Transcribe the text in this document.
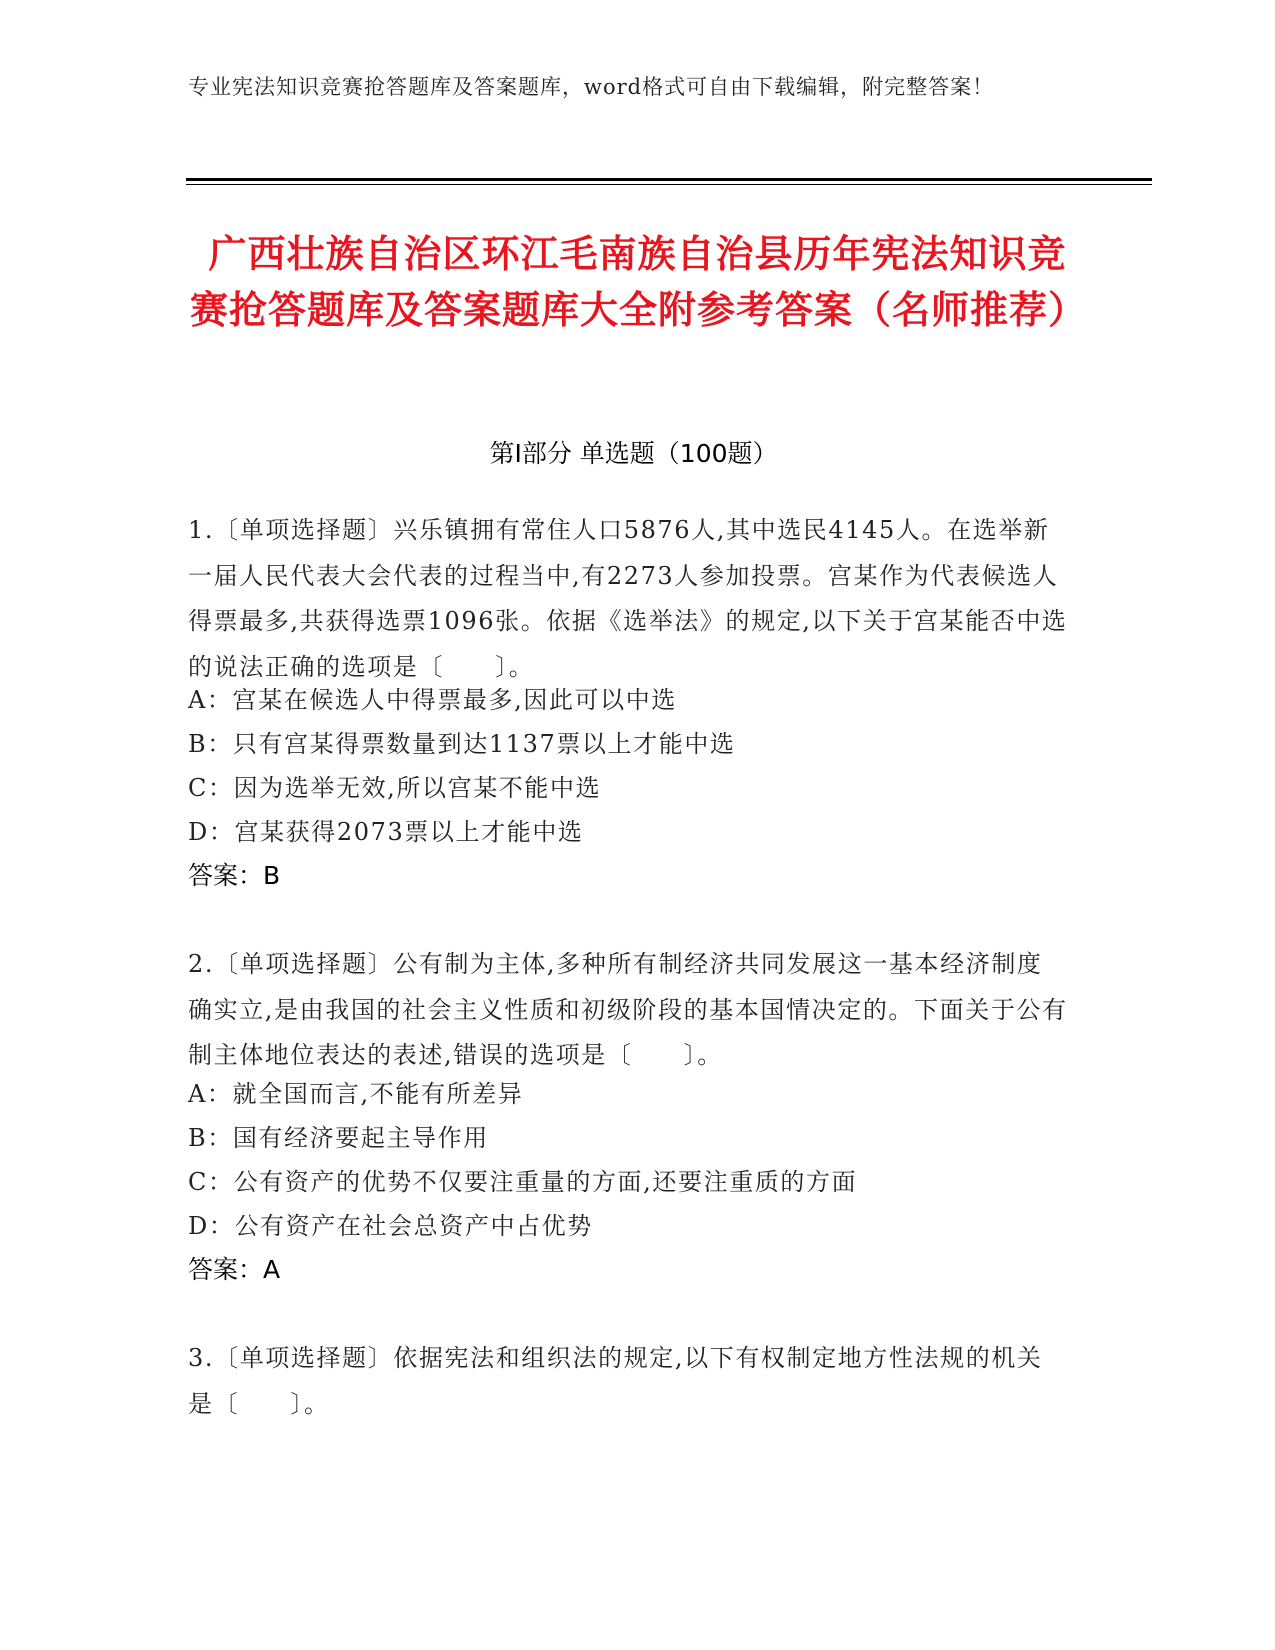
专业宪法知识竞赛抢答题库及答案题库，word格式可自由下载编辑，附完整答案！
广西壮族自治区环江毛南族自治县历年宪法知识竞赛抢答题库及答案题库大全附参考答案（名师推荐）
第Ⅰ部分 单选题（100题）
1.〔单项选择题〕兴乐镇拥有常住人口5876人,其中选民4145人。在选举新一届人民代表大会代表的过程当中,有2273人参加投票。宫某作为代表候选人得票最多,共获得选票1096张。依据《选举法》的规定,以下关于宫某能否中选的说法正确的选项是〔　　〕。
A：宫某在候选人中得票最多,因此可以中选
B：只有宫某得票数量到达1137票以上才能中选
C：因为选举无效,所以宫某不能中选
D：宫某获得2073票以上才能中选
答案：B
2.〔单项选择题〕公有制为主体,多种所有制经济共同发展这一基本经济制度确实立,是由我国的社会主义性质和初级阶段的基本国情决定的。下面关于公有制主体地位表达的表述,错误的选项是〔　　〕。
A：就全国而言,不能有所差异
B：国有经济要起主导作用
C：公有资产的优势不仅要注重量的方面,还要注重质的方面
D：公有资产在社会总资产中占优势
答案：A
3.〔单项选择题〕依据宪法和组织法的规定,以下有权制定地方性法规的机关是〔　　〕。
